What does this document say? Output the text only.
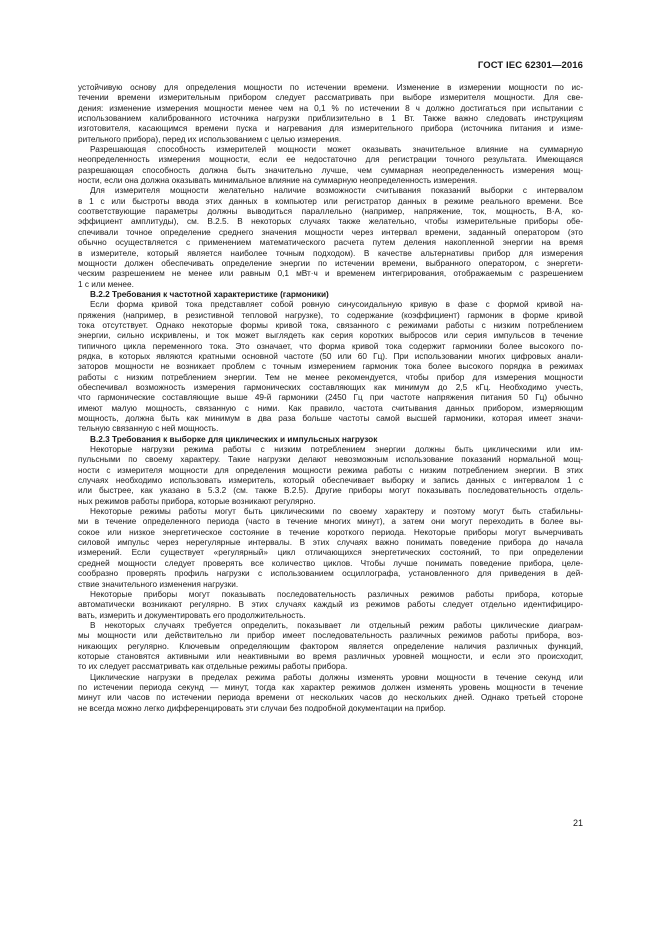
ГОСТ IEC 62301—2016
устойчивую основу для определения мощности по истечении времени. Изменение в измерении мощности по ис-
течении времени измерительным прибором следует рассматривать при выборе измерителя мощности. Для све-
дения: изменение измерения мощности менее чем на 0,1 % по истечении 8 ч должно достигаться при испытании с
использованием калиброванного источника нагрузки приблизительно в 1 Вт. Также важно следовать инструкциям
изготовителя, касающимся времени пуска и нагревания для измерительного прибора (источника питания и изме-
рительного прибора), перед их использованием с целью измерения.
Разрешающая способность измерителей мощности может оказывать значительное влияние на суммарную
неопределенность измерения мощности, если ее недостаточно для регистрации точного результата. Имеющаяся
разрешающая способность должна быть значительно лучше, чем суммарная неопределенность измерения мощ-
ности, если она должна оказывать минимальное влияние на суммарную неопределенность измерения.
Для измерителя мощности желательно наличие возможности считывания показаний выборки с интервалом
в 1 с или быстроты ввода этих данных в компьютер или регистратор данных в режиме реального времени. Все
соответствующие параметры должны выводиться параллельно (например, напряжение, ток, мощность, В·А, ко-
эффициент амплитуды), см. В.2.5. В некоторых случаях также желательно, чтобы измерительные приборы обе-
спечивали точное определение среднего значения мощности через интервал времени, заданный оператором (это
обычно осуществляется с применением математического расчета путем деления накопленной энергии на время
в измерителе, который является наиболее точным подходом). В качестве альтернативы прибор для измерения
мощности должен обеспечивать определение энергии по истечении времени, выбранного оператором, с энергети-
ческим разрешением не менее или равным 0,1 мВт·ч и временем интегрирования, отображаемым с разрешением
1 с или менее.
В.2.2 Требования к частотной характеристике (гармоники)
Если форма кривой тока представляет собой ровную синусоидальную кривую в фазе с формой кривой на-
пряжения (например, в резистивной тепловой нагрузке), то содержание (коэффициент) гармоник в форме кривой
тока отсутствует. Однако некоторые формы кривой тока, связанного с режимами работы с низким потреблением
энергии, сильно искривлены, и ток может выглядеть как серия коротких выбросов или серия импульсов в течение
типичного цикла переменного тока. Это означает, что форма кривой тока содержит гармоники более высокого по-
рядка, в которых являются кратными основной частоте (50 или 60 Гц). При использовании многих цифровых анали-
заторов мощности не возникает проблем с точным измерением гармоник тока более высокого порядка в режимах
работы с низким потреблением энергии. Тем не менее рекомендуется, чтобы прибор для измерения мощности
обеспечивал возможность измерения гармонических составляющих как минимум до 2,5 кГц. Необходимо учесть,
что гармонические составляющие выше 49-й гармоники (2450 Гц при частоте напряжения питания 50 Гц) обычно
имеют малую мощность, связанную с ними. Как правило, частота считывания данных прибором, измеряющим
мощность, должна быть как минимум в два раза больше частоты самой высшей гармоники, которая имеет значи-
тельную связанную с ней мощность.
В.2.3 Требования к выборке для циклических и импульсных нагрузок
Некоторые нагрузки режима работы с низким потреблением энергии должны быть циклическими или им-
пульсными по своему характеру. Такие нагрузки делают невозможным использование показаний нормальной мощ-
ности с измерителя мощности для определения мощности режима работы с низким потреблением энергии. В этих
случаях необходимо использовать измеритель, который обеспечивает выборку и запись данных с интервалом 1 с
или быстрее, как указано в 5.3.2 (см. также В.2.5). Другие приборы могут показывать последовательность отдель-
ных режимов работы прибора, которые возникают регулярно.
Некоторые режимы работы могут быть циклическими по своему характеру и поэтому могут быть стабильны-
ми в течение определенного периода (часто в течение многих минут), а затем они могут переходить в более вы-
сокое или низкое энергетическое состояние в течение короткого периода. Некоторые приборы могут вычерчивать
силовой импульс через нерегулярные интервалы. В этих случаях важно понимать поведение прибора до начала
измерений. Если существует «регулярный» цикл отличающихся энергетических состояний, то при определении
средней мощности следует проверять все количество циклов. Чтобы лучше понимать поведение прибора, целе-
сообразно проверять профиль нагрузки с использованием осциллографа, установленного для приведения в дей-
ствие значительного изменения нагрузки.
Некоторые приборы могут показывать последовательность различных режимов работы прибора, которые
автоматически возникают регулярно. В этих случаях каждый из режимов работы следует отдельно идентифициро-
вать, измерить и документировать его продолжительность.
В некоторых случаях требуется определить, показывает ли отдельный режим работы циклические диаграм-
мы мощности или действительно ли прибор имеет последовательность различных режимов работы прибора, воз-
никающих регулярно. Ключевым определяющим фактором является определение наличия различных функций,
которые становятся активными или неактивными во время различных уровней мощности, и если это происходит,
то их следует рассматривать как отдельные режимы работы прибора.
Циклические нагрузки в пределах режима работы должны изменять уровни мощности в течение секунд или
по истечении периода секунд — минут, тогда как характер режимов должен изменять уровень мощности в течение
минут или часов по истечении периода времени от нескольких часов до нескольких дней. Однако третьей стороне
не всегда можно легко дифференцировать эти случаи без подробной документации на прибор.
21
